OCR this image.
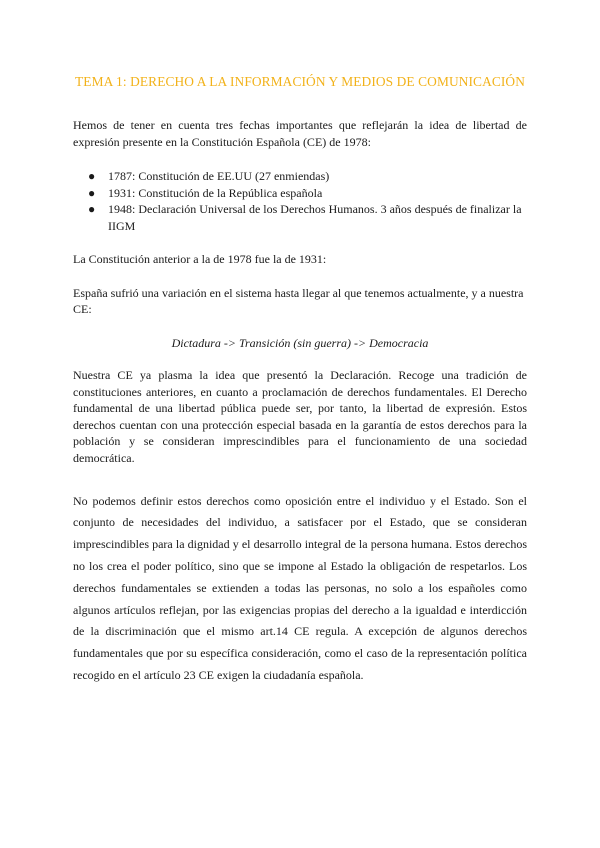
TEMA 1: DERECHO A LA INFORMACIÓN Y MEDIOS DE COMUNICACIÓN

Hemos de tener en cuenta tres fechas importantes que reflejarán la idea de libertad de expresión presente en la Constitución Española (CE) de 1978:

● 1787: Constitución de EE.UU (27 enmiendas)
● 1931: Constitución de la República española
● 1948: Declaración Universal de los Derechos Humanos. 3 años después de finalizar la IIGM

La Constitución anterior a la de 1978 fue la de 1931:

España sufrió una variación en el sistema hasta llegar al que tenemos actualmente, y a nuestra CE:

Dictadura -> Transición (sin guerra) -> Democracia

Nuestra CE ya plasma la idea que presentó la Declaración. Recoge una tradición de constituciones anteriores, en cuanto a proclamación de derechos fundamentales. El Derecho fundamental de una libertad pública puede ser, por tanto, la libertad de expresión. Estos derechos cuentan con una protección especial basada en la garantía de estos derechos para la población y se consideran imprescindibles para el funcionamiento de una sociedad democrática.

No podemos definir estos derechos como oposición entre el individuo y el Estado. Son el conjunto de necesidades del individuo, a satisfacer por el Estado, que se consideran imprescindibles para la dignidad y el desarrollo integral de la persona humana. Estos derechos no los crea el poder político, sino que se impone al Estado la obligación de respetarlos. Los derechos fundamentales se extienden a todas las personas, no solo a los españoles como algunos artículos reflejan, por las exigencias propias del derecho a la igualdad e interdicción de la discriminación que el mismo art.14 CE regula. A excepción de algunos derechos fundamentales que por su específica consideración, como el caso de la representación política recogido en el artículo 23 CE exigen la ciudadanía española.
